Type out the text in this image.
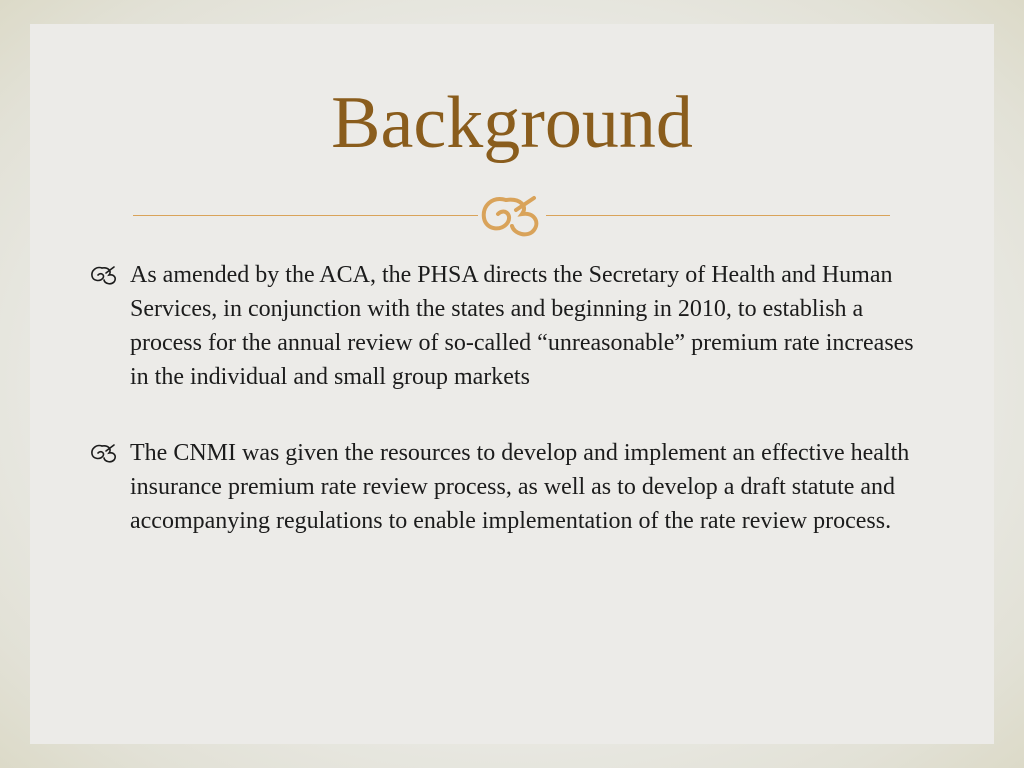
Background
As amended by the ACA, the PHSA directs the Secretary of Health and Human Services, in conjunction with the states and beginning in 2010, to establish a process for the annual review of so-called “unreasonable” premium rate increases in the individual and small group markets
The CNMI was given the resources to develop and implement an effective health insurance premium rate review process, as well as to develop a draft statute and accompanying regulations to enable implementation of the rate review process.
